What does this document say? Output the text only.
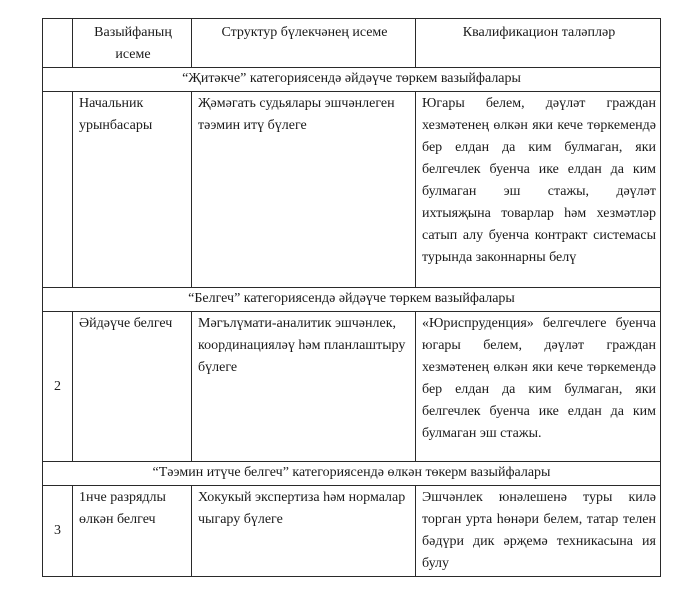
	Вазыйфаның исеме	Структур бүлекчәнең исеме	Квалификацион таләпләр
“Җитәкче” категориясендә әйдәүче төркем вазыйфалары			
	Начальник урынбасары	Җәмәгать судьялары эшчәнлеген тәэмин итү бүлеге	Югары белем, дәүләт граждан хезмәтенең өлкән яки кече төркемендә бер елдан да ким булмаган, яки белгечлек буенча ике елдан да ким булмаган эш стажы, дәүләт ихтыяҗына товарлар һәм хезмәтләр сатып алу буенча контракт системасы турында законнарны белү
“Белгеч” категориясендә әйдәүче төркем вазыйфалары			
2	Әйдәүче белгеч	Мәгълүмати-аналитик эшчәнлек, координацияләү һәм планлаштыру бүлеге	«Юриспруденция» белгечлеге буенча югары белем, дәүләт граждан хезмәтенең өлкән яки кече төркемендә бер елдан да ким булмаган, яки белгечлек буенча ике елдан да ким булмаган эш стажы.
“Тәэмин итүче белгеч” категориясендә өлкән төкерм вазыйфалары			
3	1нче разрядлы өлкән белгеч	Хокукый экспертиза һәм нормалар чыгару бүлеге	Эшчәнлек юнәлешенә туры килә торган урта һөнәри белем, татар телен бәдүри дик әрҗемә техникасына ия булу
